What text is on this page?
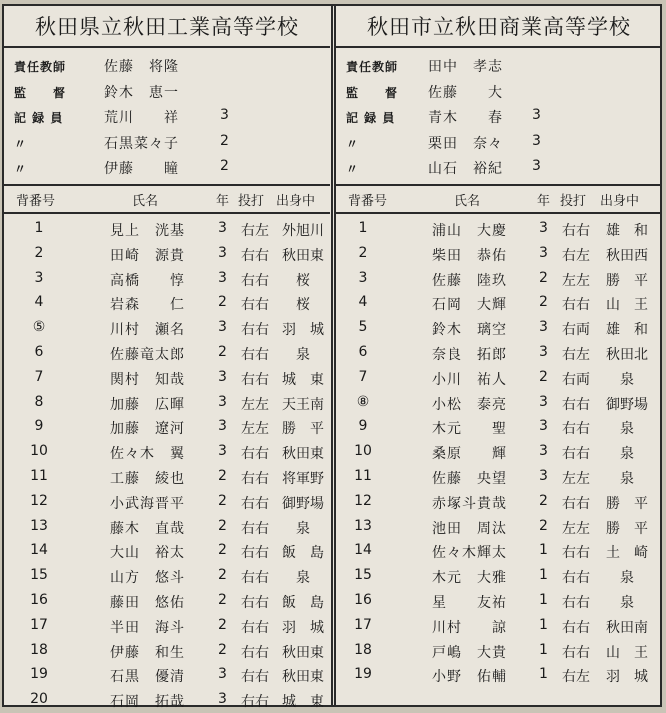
秋田県立秋田工業高等学校
責任教師	佐藤　将隆
監　　督	鈴木　恵一
記 録 員	荒川　　祥	3
〃	石黒菜々子	2
〃	伊藤　　瞳	2
背番号	氏名	年 投打 出身中
1	見上　洸基 3 右左 外旭川
2	田崎　源貴 3 右右 秋田東
3	高橋　　惇 3 右右 　桜
4	岩森　　仁 2 右右 　桜
⑤	川村　瀬名 3 右右 羽　城
6	佐藤竜太郎 2 右右 　泉
7	関村　知哉 3 右右 城　東
8	加藤　広暉 3 左左 天王南
9	加藤　遼河 3 左左 勝　平
10	佐々木　翼 3 右右 秋田東
11	工藤　綾也 2 右右 将軍野
12	小武海晋平 2 右右 御野場
13	藤木　直哉 2 右右 　泉
14	大山　裕太 2 右右 飯　島
15	山方　悠斗 2 右右 　泉
16	藤田　悠佑 2 右右 飯　島
17	半田　海斗 2 右右 羽　城
18	伊藤　和生 2 右右 秋田東
19	石黒　優清 3 右右 秋田東
20	石岡　拓哉 3 右右 城　東
秋田市立秋田商業高等学校
責任教師 田中　孝志
監　　督 佐藤　　大
記 録 員 青木　　春 3
〃	栗田　奈々 3
〃	山石　裕紀 3
背番号	氏名	年 投打 出身中
1	浦山　大慶 3 右右 雄　和
2	柴田　恭佑 3 右左 秋田西
3	佐藤　陸玖 2 左左 勝　平
4	石岡　大輝 2 右右 山　王
5	鈴木　璃空 3 右両 雄　和
6	奈良　拓郎 3 右左 秋田北
7	小川　祐人 2 右両 　泉
⑧	小松　泰亮 3 右右 御野場
9	木元　　聖 3 右右 　泉
10	桑原　　輝 3 右右 　泉
11	佐藤　央望 3 左左 　泉
12	赤塚斗貴哉 2 右右 勝　平
13	池田　周汰 2 左左 勝　平
14	佐々木輝太 1 右右 土　崎
15	木元　大雅 1 右右 　泉
16	星　　友祐 1 右右 　泉
17	川村　　諒 1 右右 秋田南
18	戸嶋　大貴 1 右右 山　王
19	小野　佑輔 1 右左 羽　城
